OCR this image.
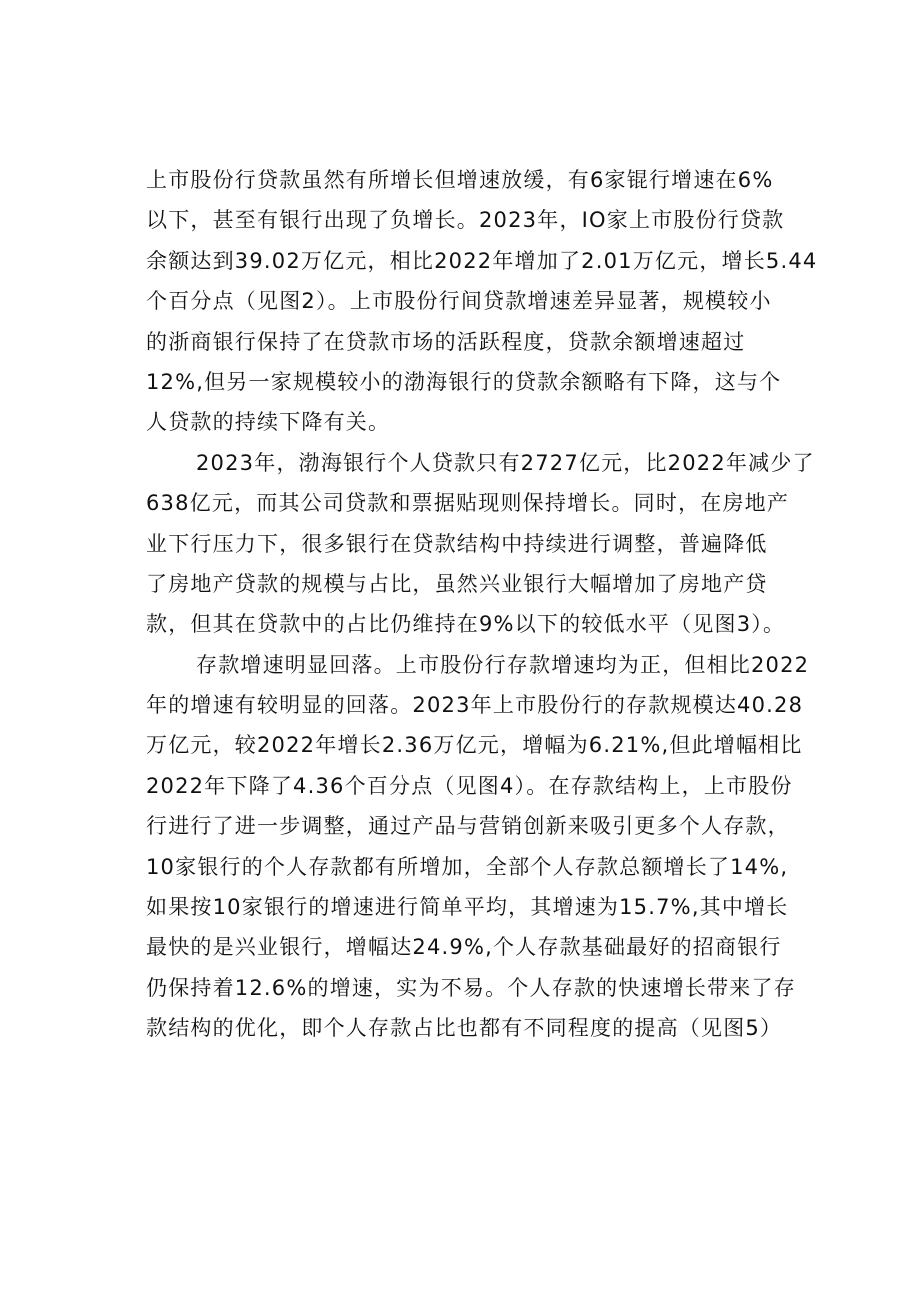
上市股份行贷款虽然有所增长但增速放缓，有6家锟行增速在6%
以下，甚至有银行出现了负增长。2023年，IO家上市股份行贷款
余额达到39.02万亿元，相比2022年增加了2.01万亿元，增长5.44
个百分点（见图2）。上市股份行间贷款增速差异显著，规模较小
的浙商银行保持了在贷款市场的活跃程度，贷款余额增速超过
12%,但另一家规模较小的渤海银行的贷款余额略有下降，这与个
人贷款的持续下降有关。
2023年，渤海银行个人贷款只有2727亿元，比2022年减少了
638亿元，而其公司贷款和票据贴现则保持增长。同时，在房地产
业下行压力下，很多银行在贷款结构中持续进行调整，普遍降低
了房地产贷款的规模与占比，虽然兴业银行大幅增加了房地产贷
款，但其在贷款中的占比仍维持在9%以下的较低水平（见图3）。
存款增速明显回落。上市股份行存款增速均为正，但相比2022
年的增速有较明显的回落。2023年上市股份行的存款规模达40.28
万亿元，较2022年增长2.36万亿元，增幅为6.21%,但此增幅相比
2022年下降了4.36个百分点（见图4）。在存款结构上，上市股份
行进行了进一步调整，通过产品与营销创新来吸引更多个人存款，
10家银行的个人存款都有所增加，全部个人存款总额增长了14%,
如果按10家银行的增速进行简单平均，其增速为15.7%,其中增长
最快的是兴业银行，增幅达24.9%,个人存款基础最好的招商银行
仍保持着12.6%的增速，实为不易。个人存款的快速增长带来了存
款结构的优化，即个人存款占比也都有不同程度的提高（见图5）
